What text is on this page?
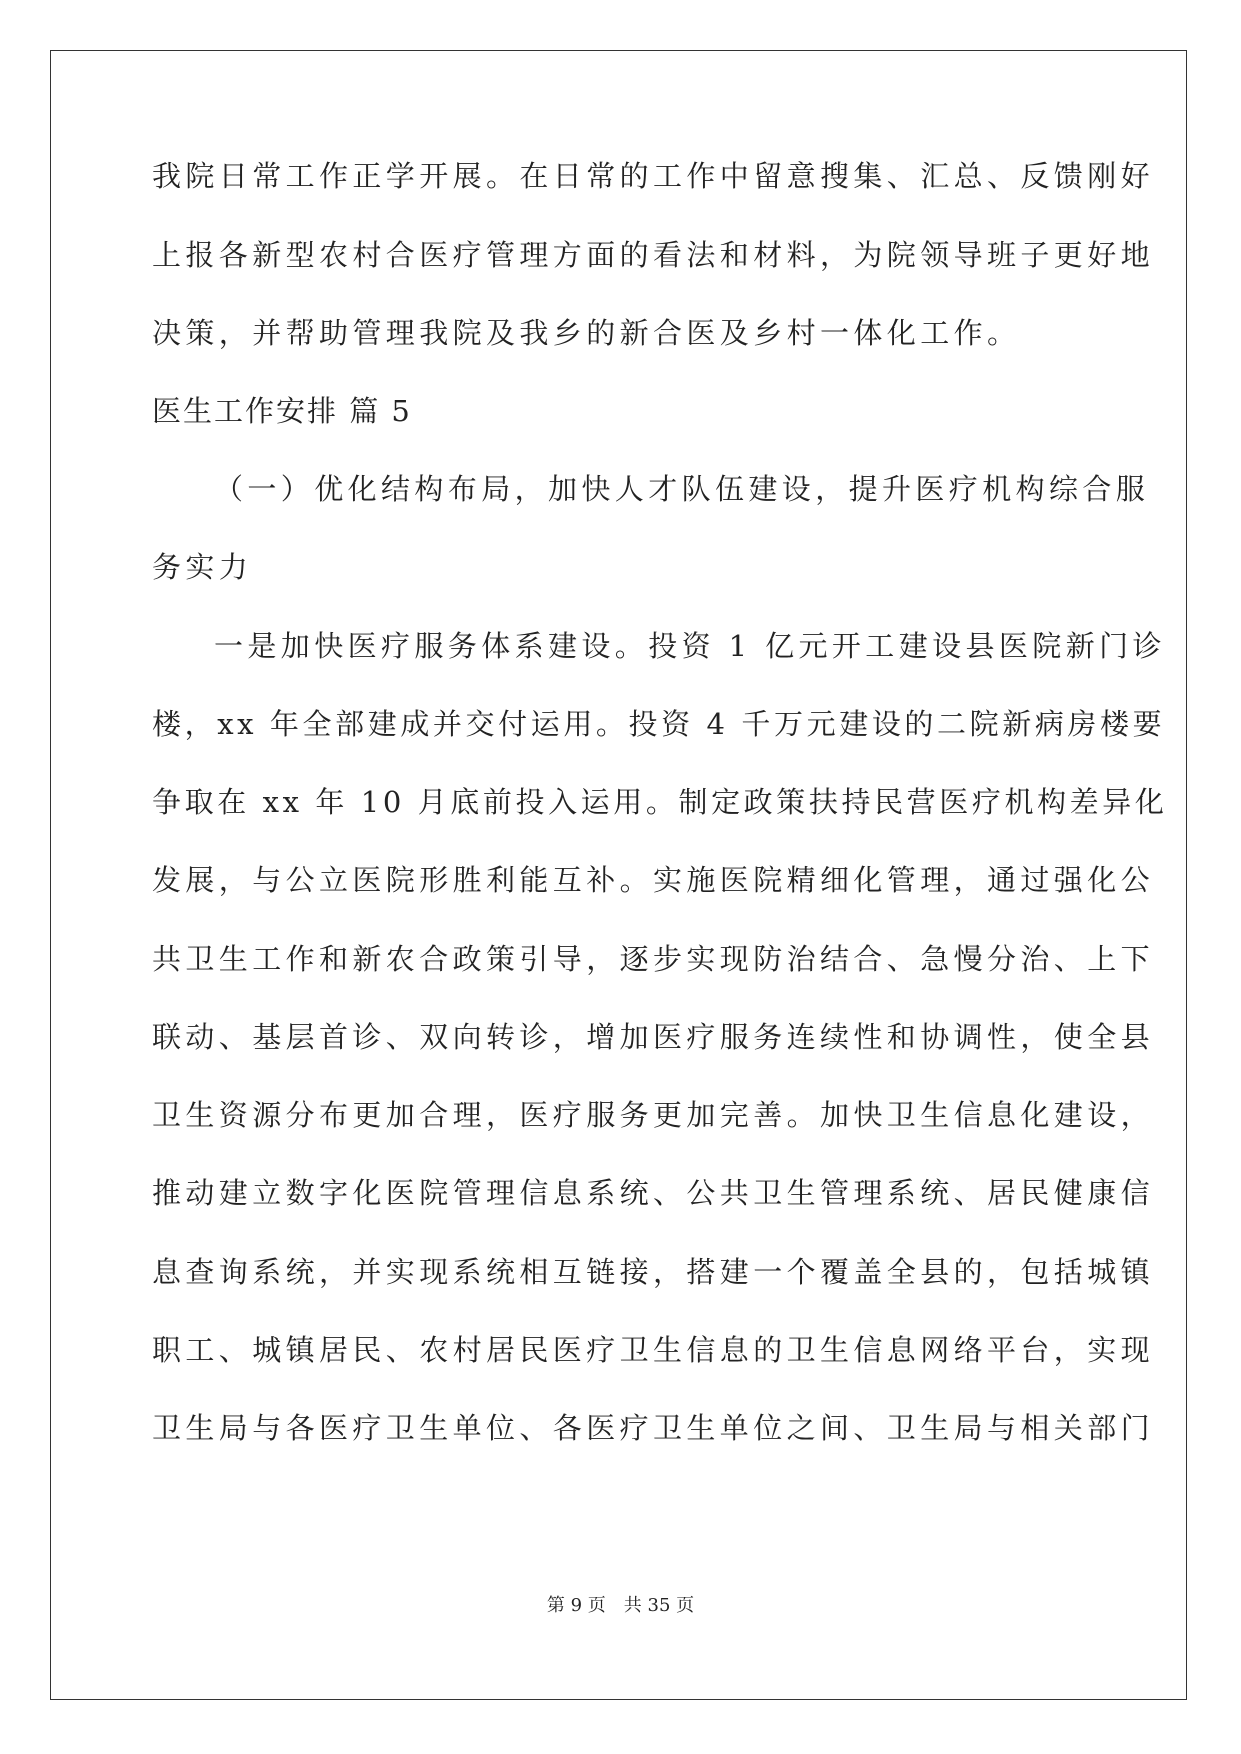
我院日常工作正学开展。在日常的工作中留意搜集、汇总、反馈刚好
上报各新型农村合医疗管理方面的看法和材料，为院领导班子更好地
决策，并帮助管理我院及我乡的新合医及乡村一体化工作。
医生工作安排 篇 5
（一）优化结构布局，加快人才队伍建设，提升医疗机构综合服
务实力
一是加快医疗服务体系建设。投资 1 亿元开工建设县医院新门诊
楼，xx 年全部建成并交付运用。投资 4 千万元建设的二院新病房楼要
争取在 xx 年 10 月底前投入运用。制定政策扶持民营医疗机构差异化
发展，与公立医院形胜利能互补。实施医院精细化管理，通过强化公
共卫生工作和新农合政策引导，逐步实现防治结合、急慢分治、上下
联动、基层首诊、双向转诊，增加医疗服务连续性和协调性，使全县
卫生资源分布更加合理，医疗服务更加完善。加快卫生信息化建设，
推动建立数字化医院管理信息系统、公共卫生管理系统、居民健康信
息查询系统，并实现系统相互链接，搭建一个覆盖全县的，包括城镇
职工、城镇居民、农村居民医疗卫生信息的卫生信息网络平台，实现
卫生局与各医疗卫生单位、各医疗卫生单位之间、卫生局与相关部门
第 9 页 共 35 页
